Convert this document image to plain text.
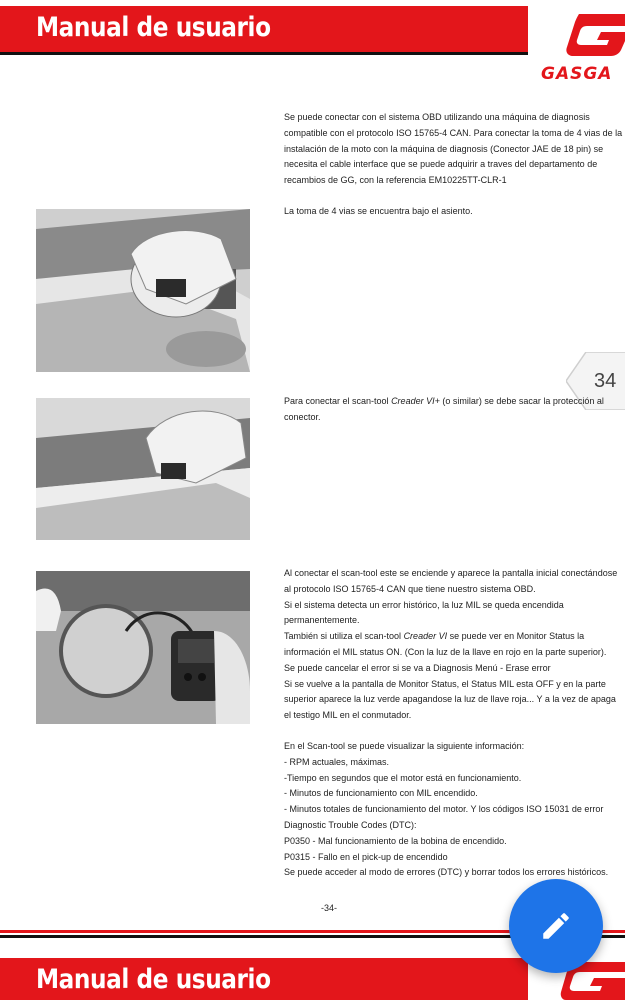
Manual de usuario
GASGA

Se puede conectar con el sistema OBD utilizando una máquina de diagnosis compatible con el protocolo ISO 15765-4 CAN. Para conectar la toma de 4 vias de la instalación de la moto con la máquina de diagnosis (Conector JAE de 18 pin) se necesita el cable interface que se puede adquirir a traves del departamento de recambios de GG, con la referencia EM10225TT-CLR-1

La toma de 4 vias se encuentra bajo el asiento.

34

Para conectar el scan-tool Creader VI+ (o similar) se debe sacar la protección al conector.

Al conectar el scan-tool este se enciende y aparece la pantalla inicial conectándose al protocolo ISO 15765-4 CAN que tiene nuestro sistema OBD.

Si el sistema detecta un error histórico, la luz MIL se queda encendida permanentemente.

También si utiliza el scan-tool Creader VI se puede ver en Monitor Status la información el MIL status ON. (Con la luz de la llave en rojo en la parte superior).

Se puede cancelar el error si se va a Diagnosis Menú - Erase error

Si se vuelve a la pantalla de Monitor Status, el Status MIL esta OFF y en la parte superior aparece la luz verde apagandose la luz de llave roja... Y a la vez de apaga el testigo MIL en el conmutador.

En el Scan-tool se puede visualizar la siguiente información:

- RPM actuales, máximas.

-Tiempo en segundos que el motor está en funcionamiento.

- Minutos de funcionamiento con MIL encendido.

- Minutos totales de funcionamiento del motor. Y los códigos ISO 15031 de error Diagnostic Trouble Codes (DTC):

P0350 - Mal funcionamiento de la bobina de encendido.

P0315 - Fallo en el pick-up de encendido

Se puede acceder al modo de errores (DTC) y borrar todos los errores históricos.

-34-
Manual de usuario
